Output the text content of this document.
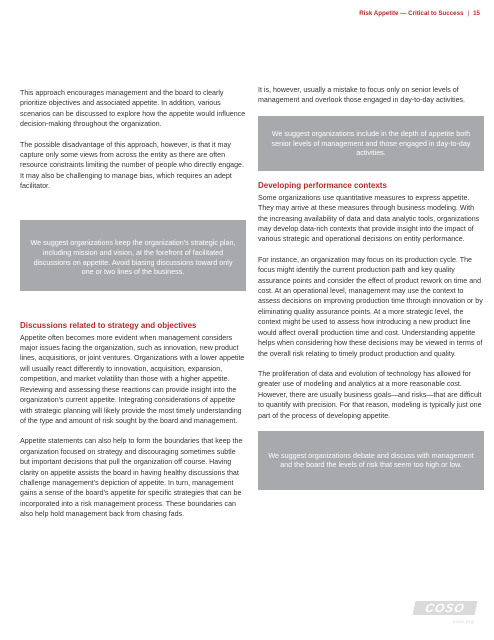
Risk Appetite — Critical to Success | 15

This approach encourages management and the board to clearly prioritize objectives and associated appetite. In addition, various scenarios can be discussed to explore how the appetite would influence decision-making throughout the organization.

The possible disadvantage of this approach, however, is that it may capture only some views from across the entity as there are often resource constraints limiting the number of people who directly engage. It may also be challenging to manage bias, which requires an adept facilitator.

We suggest organizations keep the organization's strategic plan, including mission and vision, at the forefront of facilitated discussions on appetite. Avoid biasing discussions toward only one or two lines of the business.
Discussions related to strategy and objectives

Appetite often becomes more evident when management considers major issues facing the organization, such as innovation, new product lines, acquisitions, or joint ventures. Organizations with a lower appetite will usually react differently to innovation, acquisition, expansion, competition, and market volatility than those with a higher appetite. Reviewing and assessing these reactions can provide insight into the organization's current appetite. Integrating considerations of appetite with strategic planning will likely provide the most timely understanding of the type and amount of risk sought by the board and management.

Appetite statements can also help to form the boundaries that keep the organization focused on strategy and discouraging sometimes subtle but important decisions that pull the organization off course. Having clarity on appetite assists the board in having healthy discussions that challenge management's depiction of appetite. In turn, management gains a sense of the board's appetite for specific strategies that can be incorporated into a risk management process. These boundaries can also help hold management back from chasing fads.

It is, however, usually a mistake to focus only on senior levels of management and overlook those engaged in day-to-day activities.

We suggest organizations include in the depth of appetite both senior levels of management and those engaged in day-to-day activities.
Developing performance contexts

Some organizations use quantitative measures to express appetite. They may arrive at these measures through business modeling. With the increasing availability of data and data analytic tools, organizations may develop data-rich contexts that provide insight into the impact of various strategic and operational decisions on entity performance.

For instance, an organization may focus on its production cycle. The focus might identify the current production path and key quality assurance points and consider the effect of product rework on time and cost. At an operational level, management may use the context to assess decisions on improving production time through innovation or by eliminating quality assurance points. At a more strategic level, the context might be used to assess how introducing a new product line would affect overall production time and cost. Understanding appetite helps when considering how these decisions may be viewed in terms of the overall risk relating to timely product production and quality.

The proliferation of data and evolution of technology has allowed for greater use of modeling and analytics at a more reasonable cost. However, there are usually business goals—and risks—that are difficult to quantify with precision. For that reason, modeling is typically just one part of the process of developing appetite.

We suggest organizations debate and discuss with management and the board the levels of risk that seem too high or low.
COSO
coso.org
